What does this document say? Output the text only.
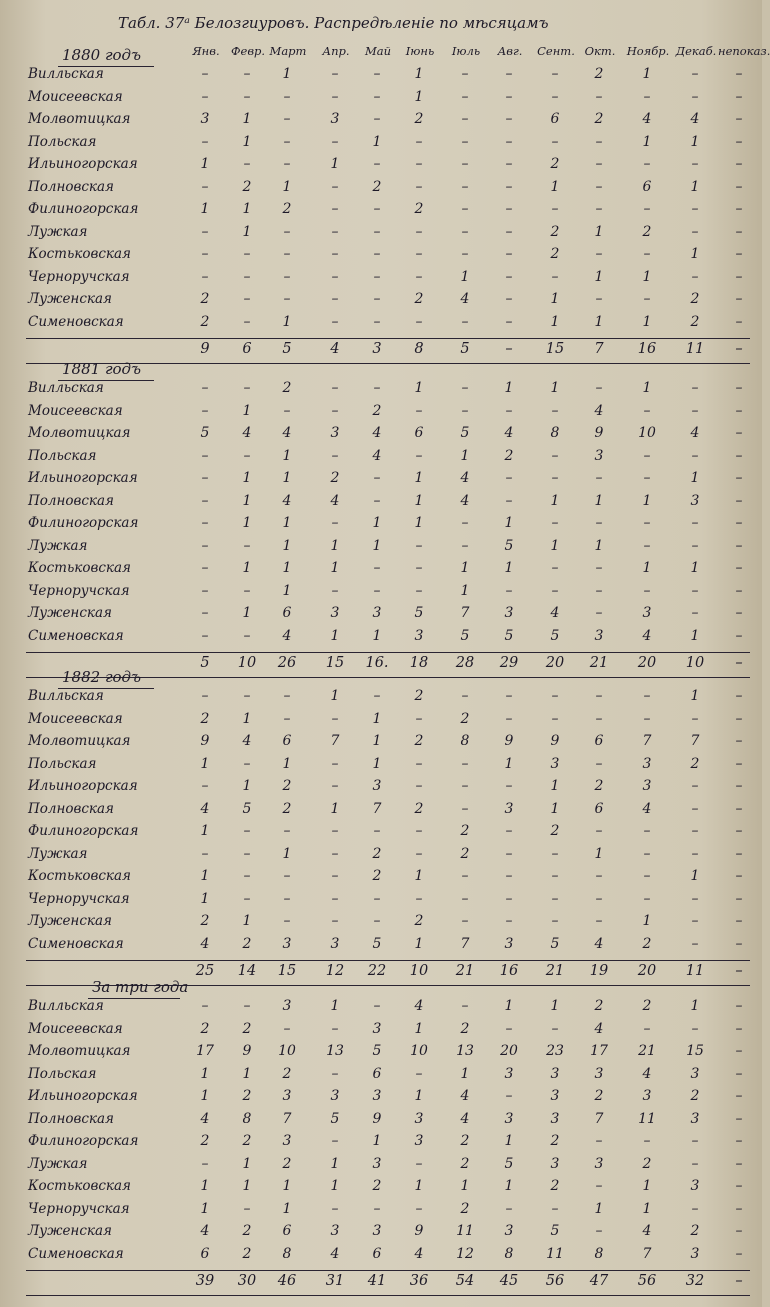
Табл. 37ᵃ Белозгиуровъ. Распредѣленіе по мѣсяцамъ
Янв. Февр. Март	Апр.	Май	Іюнь	Іюль	Авг.	Сент. Окт. Ноябр. Декаб. непоказ.
1880 годъ
Вилльская	–	–	1	–	–	1	–	–	–	2	1	–	–
Моисеевская	–	–	–	–	–	1	–	–	–	–	–	–	–
Молвотицкая	3	1	–	3	–	2	–	–	6	2	4	4	–
Польская	–	1	–	–	1	–	–	–	–	–	1	1	–
Ильиногорская	1	–	–	1	–	–	–	–	2	–	–	–	–
Полновская	–	2	1	–	2	–	–	–	1	–	6	1	–
Филиногорская	1	1	2	–	–	2	–	–	–	–	–	–	–
Лужкая	–	1	–	–	–	–	–	–	2	1	2	–	–
Костьковская	–	–	–	–	–	–	–	–	2	–	–	1	–
Черноручская	–	–	–	–	–	–	1	–	–	1	1	–	–
Луженская	2	–	–	–	–	2	4	–	1	–	–	2	–
Сименовская	2	–	1	–	–	–	–	–	1	1	1	2	–
9	6	5	4	3	8	5	–	15	7	16	11	–
1881 годъ
Вилльская	–	–	2	–	–	1	–	1	1	–	1	–	–
Моисеевская	–	1	–	–	2	–	–	–	–	4	–	–	–
Молвотицкая	5	4	4	3	4	6	5	4	8	9	10	4	–
Польская	–	–	1	–	4	–	1	2	–	3	–	–	–
Ильиногорская	–	1	1	2	–	1	4	–	–	–	–	1	–
Полновская	–	1	4	4	–	1	4	–	1	1	1	3	–
Филиногорская	–	1	1	–	1	1	–	1	–	–	–	–	–
Лужкая	–	–	1	1	1	–	–	5	1	1	–	–	–
Костьковская	–	1	1	1	–	–	1	1	–	–	1	1	–
Черноручская	–	–	1	–	–	–	1	–	–	–	–	–	–
Луженская	–	1	6	3	3	5	7	3	4	–	3	–	–
Сименовская	–	–	4	1	1	3	5	5	5	3	4	1	–
5	10	26	15	16.	18	28	29	20	21	20	10	–
1882 годъ
Вилльская	–	–	–	1	–	2	–	–	–	–	–	1	–
Моисеевская	2	1	–	–	1	–	2	–	–	–	–	–	–
Молвотицкая	9	4	6	7	1	2	8	9	9	6	7	7	–
Польская	1	–	1	–	1	–	–	1	3	–	3	2	–
Ильиногорская	–	1	2	–	3	–	–	–	1	2	3	–	–
Полновская	4	5	2	1	7	2	–	3	1	6	4	–	–
Филиногорская	1	–	–	–	–	–	2	–	2	–	–	–	–
Лужкая	–	–	1	–	2	–	2	–	–	1	–	–	–
Костьковская	1	–	–	–	2	1	–	–	–	–	–	1	–
Черноручская	1	–	–	–	–	–	–	–	–	–	–	–	–
Луженская	2	1	–	–	–	2	–	–	–	–	1	–	–
Сименовская	4	2	3	3	5	1	7	3	5	4	2	–	–
25	14	15	12	22	10	21	16	21	19	20	11	–
За три года
Вилльская	–	–	3	1	–	4	–	1	1	2	2	1	–
Моисеевская	2	2	–	–	3	1	2	–	–	4	–	–	–
Молвотицкая	17	9	10	13	5	10	13	20	23	17	21	15	–
Польская	1	1	2	–	6	–	1	3	3	3	4	3	–
Ильиногорская	1	2	3	3	3	1	4	–	3	2	3	2	–
Полновская	4	8	7	5	9	3	4	3	3	7	11	3	–
Филиногорская	2	2	3	–	1	3	2	1	2	–	–	–	–
Лужкая	–	1	2	1	3	–	2	5	3	3	2	–	–
Костьковская	1	1	1	1	2	1	1	1	2	–	1	3	–
Черноручская	1	–	1	–	–	–	2	–	–	1	1	–	–
Луженская	4	2	6	3	3	9	11	3	5	–	4	2	–
Сименовская	6	2	8	4	6	4	12	8	11	8	7	3	–
39	30	46	31	41	36	54	45	56	47	56	32	–
